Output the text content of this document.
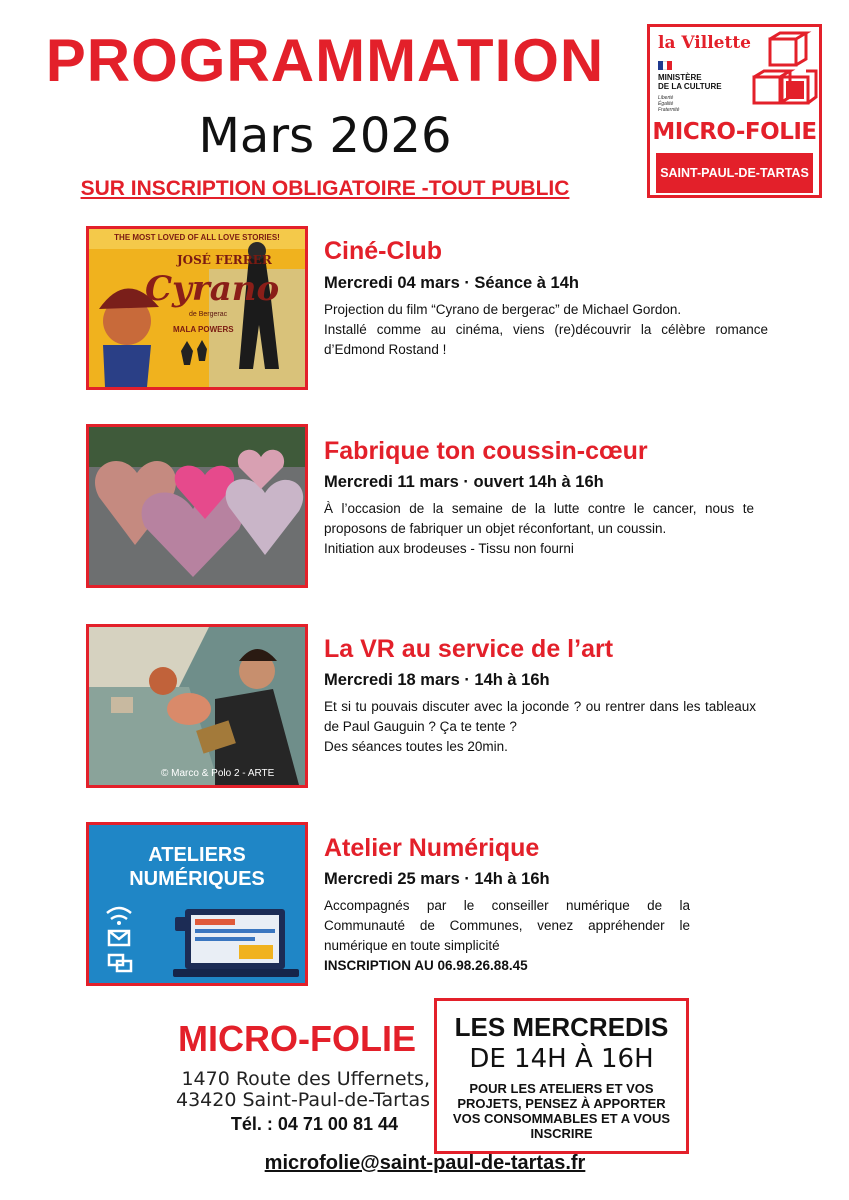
PROGRAMMATION
Mars 2026
SUR INSCRIPTION OBLIGATOIRE -TOUT PUBLIC
la Villette
MINISTÈRE
DE LA CULTURE
Liberté
Égalité
Fraternité
MICRO-FOLIE
SAINT-PAUL-DE-TARTAS
THE MOST LOVED OF ALL LOVE STORIES!
JOSÉ FERRER
Cyrano
de Bergerac
MALA POWERS
Ciné-Club
Mercredi 04 mars · Séance à 14h

Projection du film “Cyrano de bergerac” de Michael Gordon.

Installé comme au cinéma, viens (re)découvrir la célèbre romance d’Edmond Rostand !

Fabrique ton coussin-cœur
Mercredi 11 mars · ouvert 14h à 16h

À l’occasion de la semaine de la lutte contre le cancer, nous te proposons de fabriquer un objet réconfortant, un coussin.

Initiation aux brodeuses - Tissu non fourni

© Marco & Polo 2 - ARTE
La VR au service de l’art
Mercredi 18 mars · 14h à 16h

Et si tu pouvais discuter avec la joconde ? ou rentrer dans les tableaux de Paul Gauguin ? Ça te tente ?

Des séances toutes les 20min.

ATELIERS
NUMÉRIQUES
Atelier Numérique
Mercredi 25 mars · 14h à 16h

Accompagnés par le conseiller numérique de la Communauté de Communes, venez appréhender le numérique en toute simplicité

INSCRIPTION AU 06.98.26.88.45

MICRO-FOLIE
1470 Route des Uffernets,
43420 Saint-Paul-de-Tartas
Tél. : 04 71 00 81 44
LES MERCREDIS
DE 14H À 16H
POUR LES ATELIERS ET VOS PROJETS, PENSEZ À APPORTER VOS CONSOMMABLES ET A VOUS INSCRIRE
microfolie@saint-paul-de-tartas.fr
